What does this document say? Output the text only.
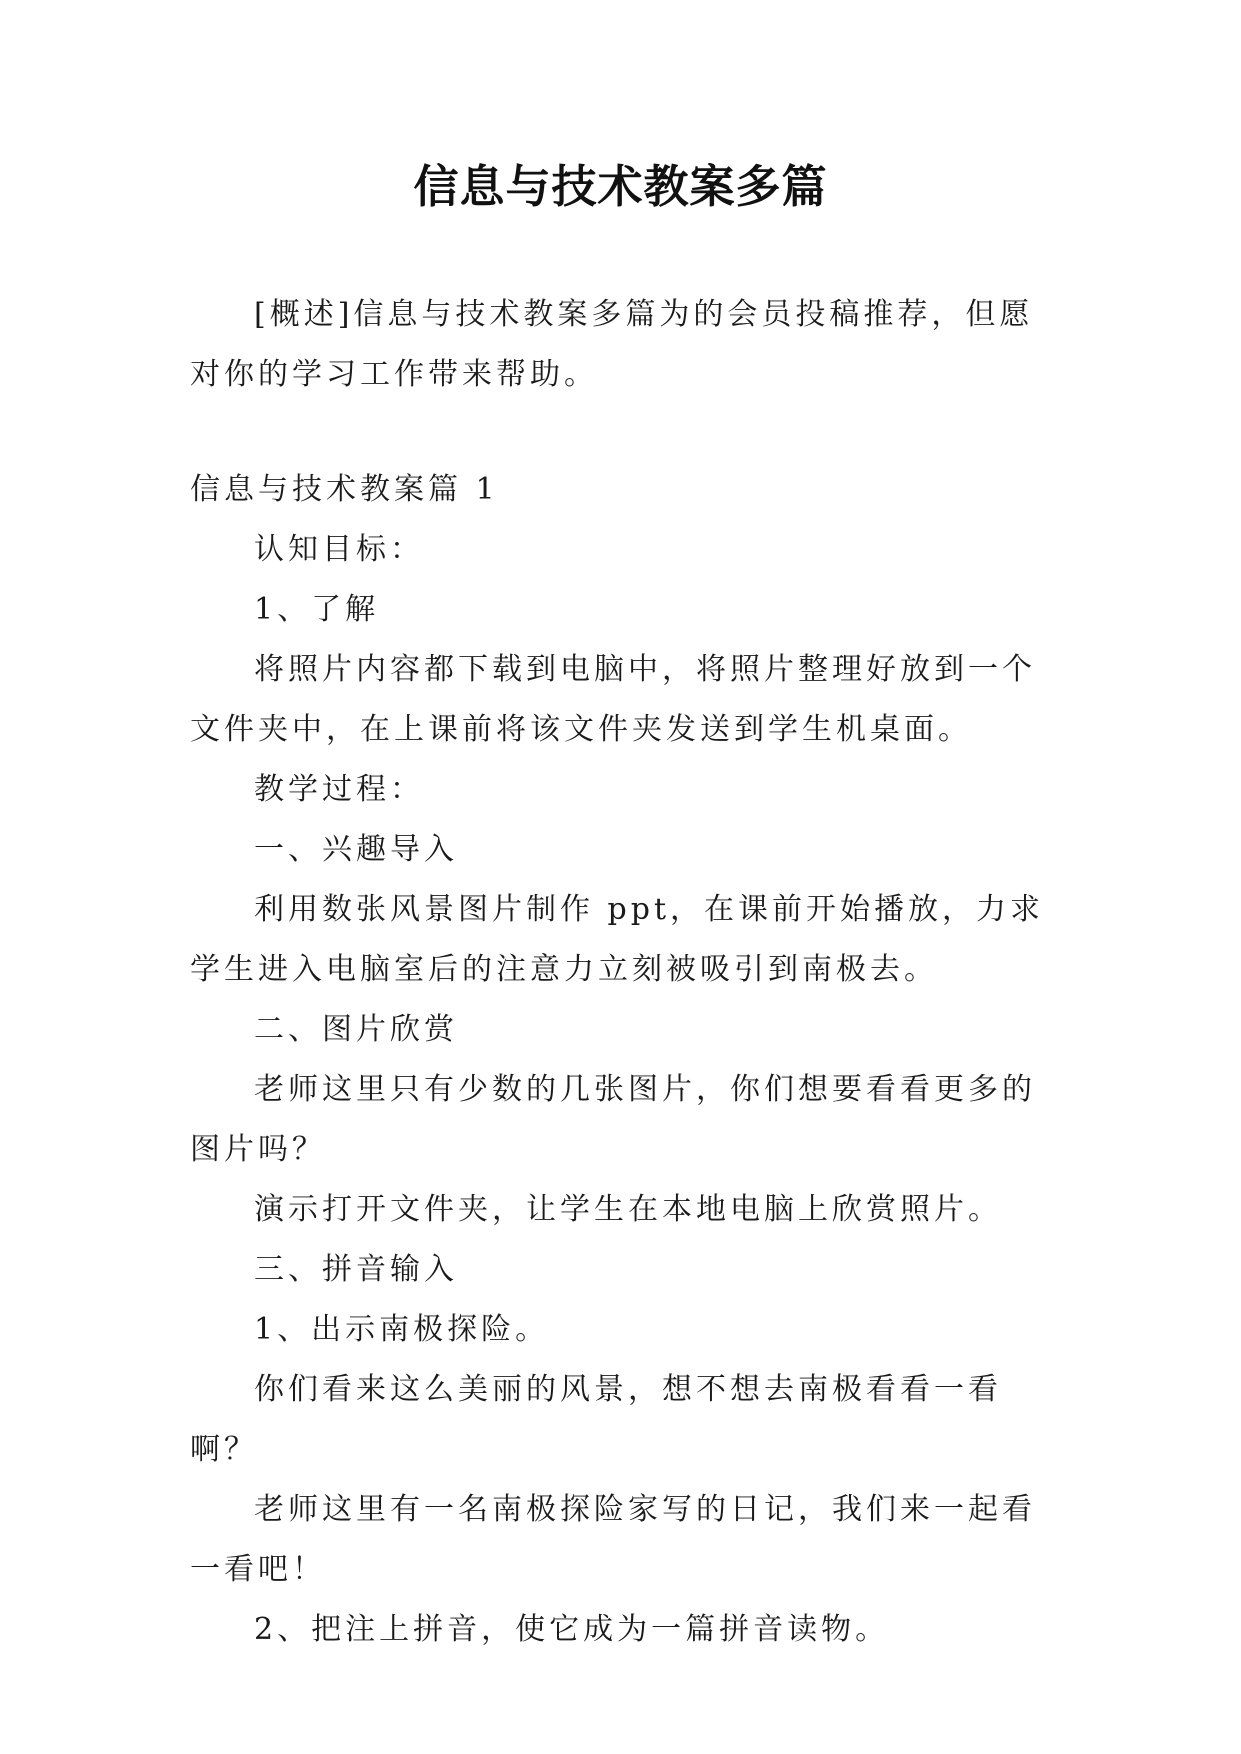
信息与技术教案多篇

[概述]信息与技术教案多篇为的会员投稿推荐，但愿对你的学习工作带来帮助。

信息与技术教案篇 1

认知目标：

1、了解

将照片内容都下载到电脑中，将照片整理好放到一个文件夹中，在上课前将该文件夹发送到学生机桌面。

教学过程：

一、兴趣导入

利用数张风景图片制作 ppt，在课前开始播放，力求学生进入电脑室后的注意力立刻被吸引到南极去。

二、图片欣赏

老师这里只有少数的几张图片，你们想要看看更多的图片吗？

演示打开文件夹，让学生在本地电脑上欣赏照片。

三、拼音输入

1、出示南极探险。

你们看来这么美丽的风景，想不想去南极看看一看啊？

老师这里有一名南极探险家写的日记，我们来一起看一看吧！

2、把注上拼音，使它成为一篇拼音读物。
